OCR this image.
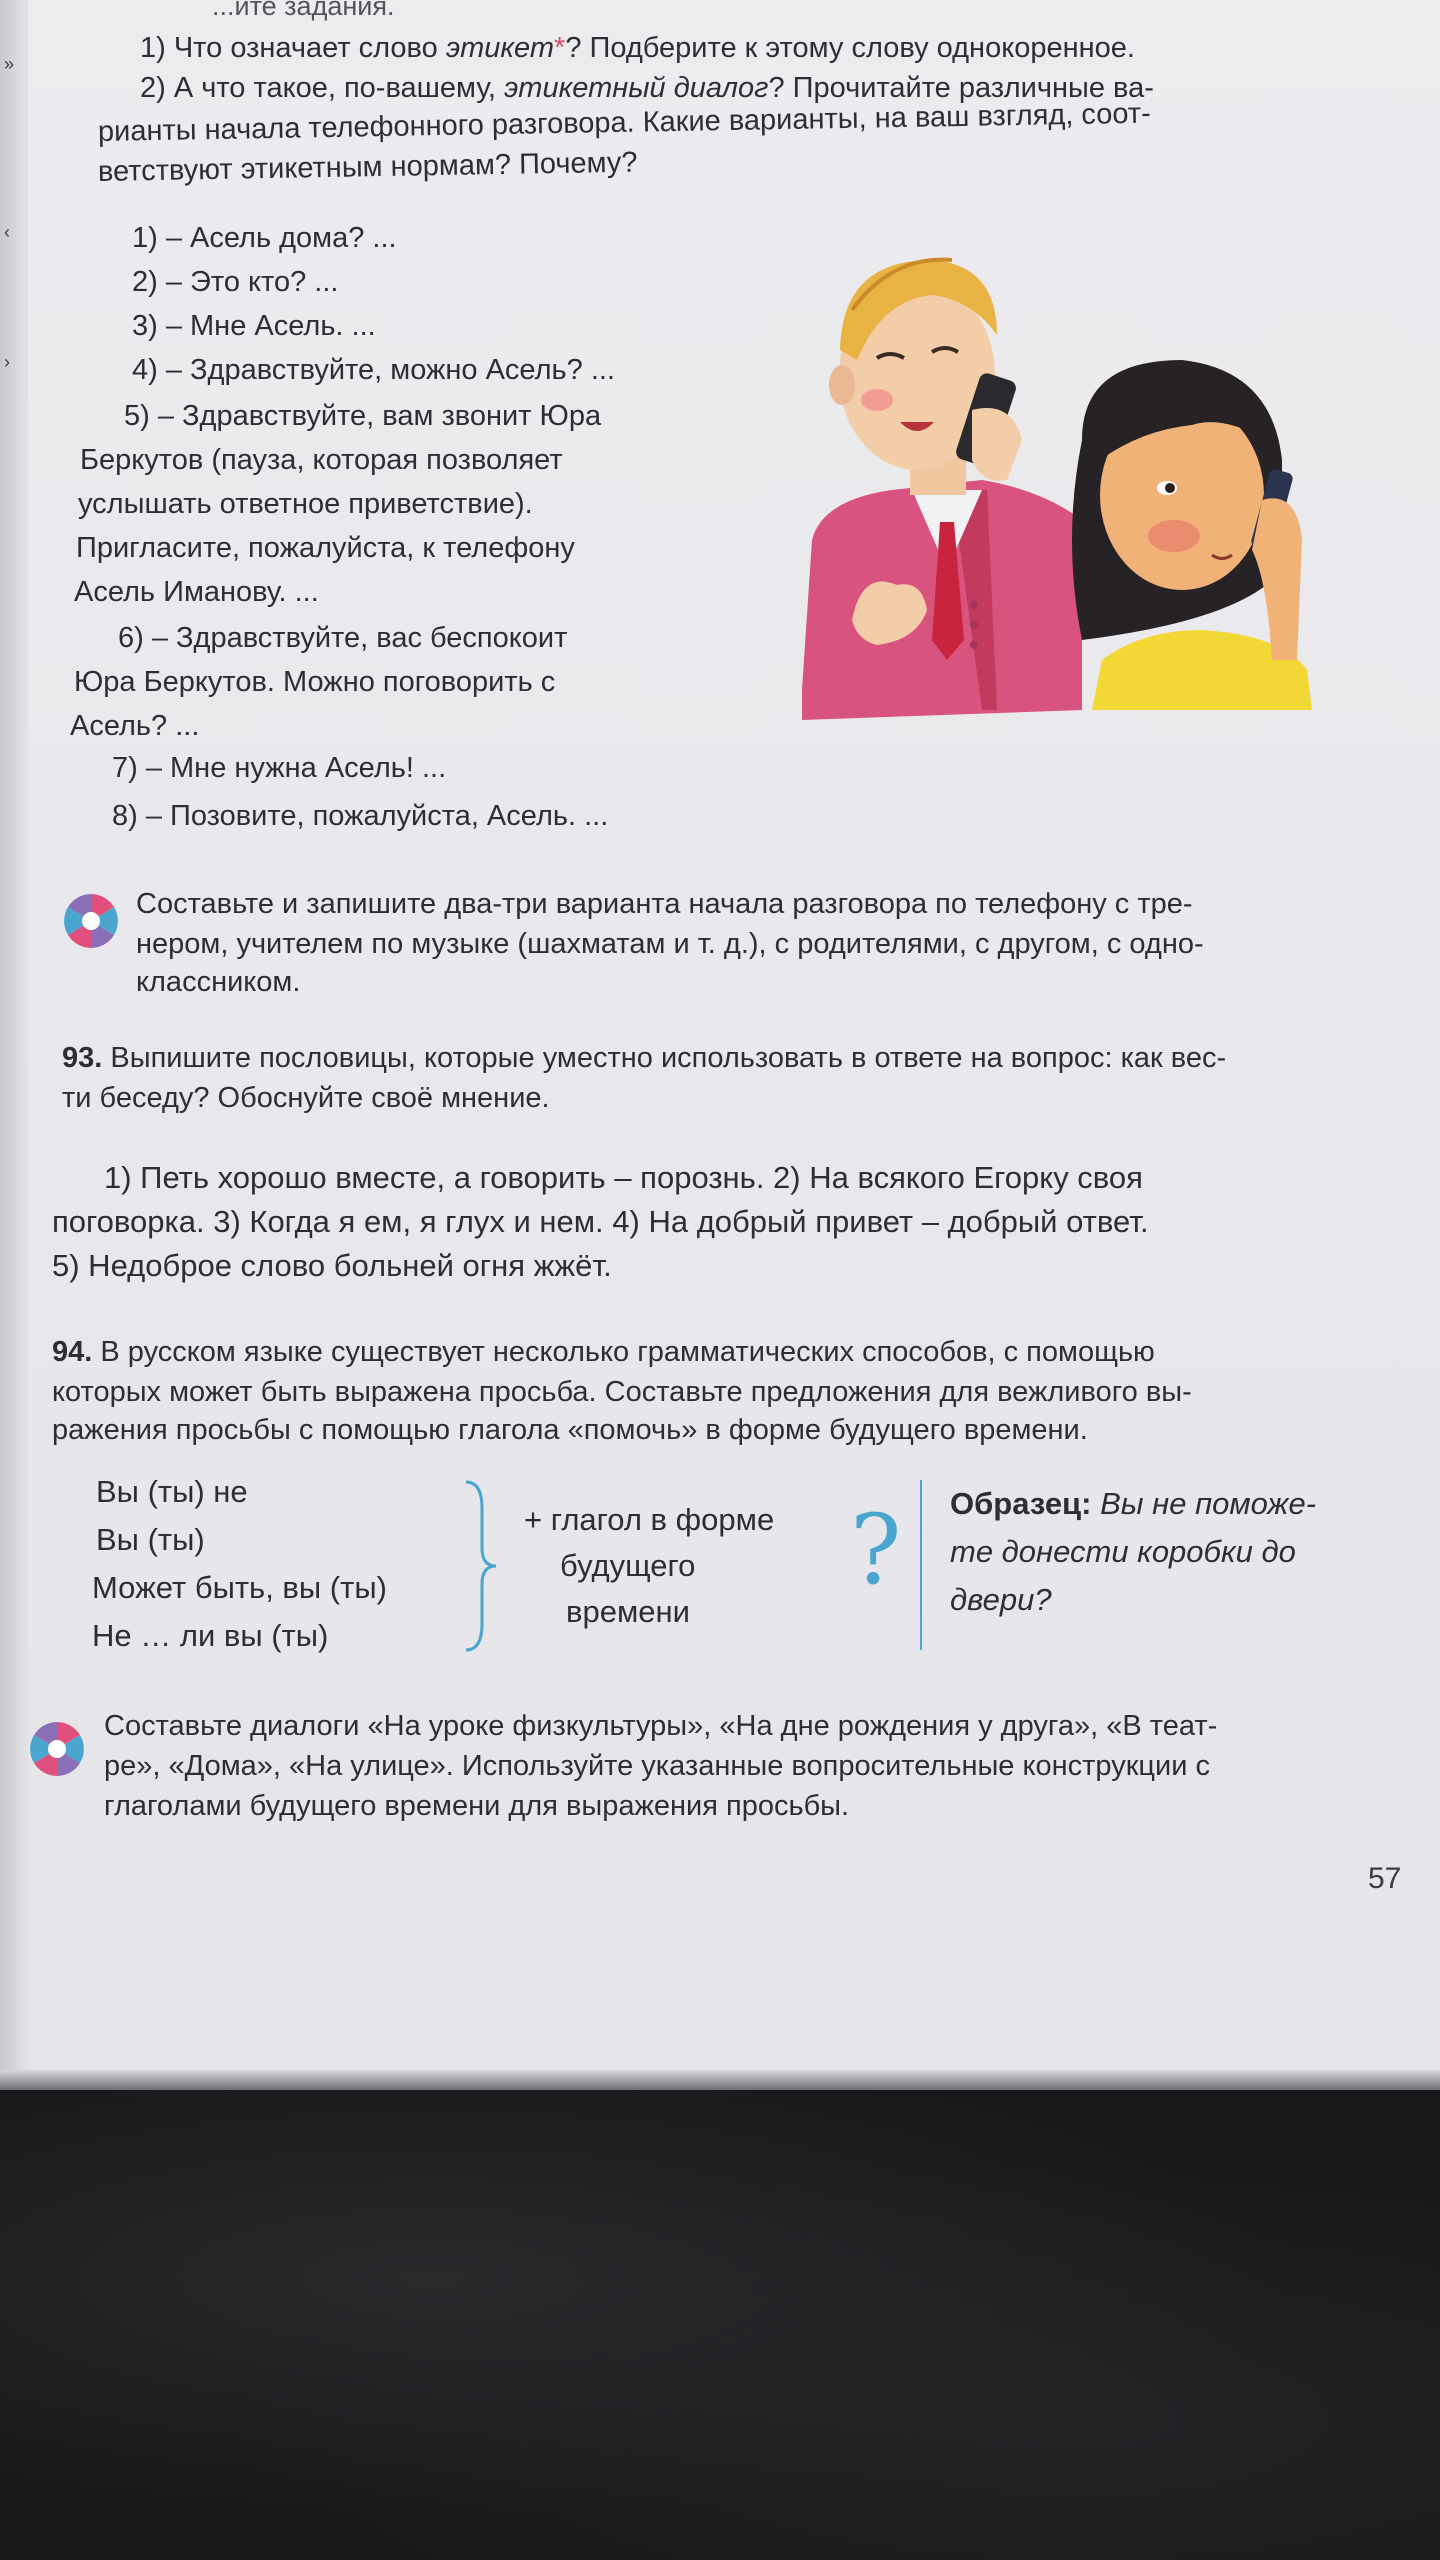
»
‹
›
...ите задания.
1) Что означает слово этикет*? Подберите к этому слову однокоренное.
2) А что такое, по-вашему, этикетный диалог? Прочитайте различные ва-
рианты начала телефонного разговора. Какие варианты, на ваш взгляд, соот-
ветствуют этикетным нормам? Почему?
1) – Асель дома? ...
2) – Это кто? ...
3) – Мне Асель. ...
4) – Здравствуйте, можно Асель? ...
5) – Здравствуйте, вам звонит Юра
Беркутов (пауза, которая позволяет
услышать ответное приветствие).
Пригласите, пожалуйста, к телефону
Асель Иманову. ...
6) – Здравствуйте, вас беспокоит
Юра Беркутов. Можно поговорить с
Асель? ...
7) – Мне нужна Асель! ...
8) – Позовите, пожалуйста, Асель. ...
Составьте и запишите два-три варианта начала разговора по телефону с тре-
нером, учителем по музыке (шахматам и т. д.), с родителями, с другом, с одно-
классником.
93. Выпишите пословицы, которые уместно использовать в ответе на вопрос: как вес-
ти беседу? Обоснуйте своё мнение.
1) Петь хорошо вместе, а говорить – порознь. 2) На всякого Егорку своя
поговорка. 3) Когда я ем, я глух и нем. 4) На добрый привет – добрый ответ.
5) Недоброе слово больней огня жжёт.
94. В русском языке существует несколько грамматических способов, с помощью
которых может быть выражена просьба. Составьте предложения для вежливого вы-
ражения просьбы с помощью глагола «помочь» в форме будущего времени.
Вы (ты) не
Вы (ты)
Может быть, вы (ты)
Не … ли вы (ты)
+ глагол в форме
будущего
времени
? Образец: Вы не поможе-
те донести коробки до
двери?
Составьте диалоги «На уроке физкультуры», «На дне рождения у друга», «В теат-
ре», «Дома», «На улице». Используйте указанные вопросительные конструкции с
глаголами будущего времени для выражения просьбы.
57
